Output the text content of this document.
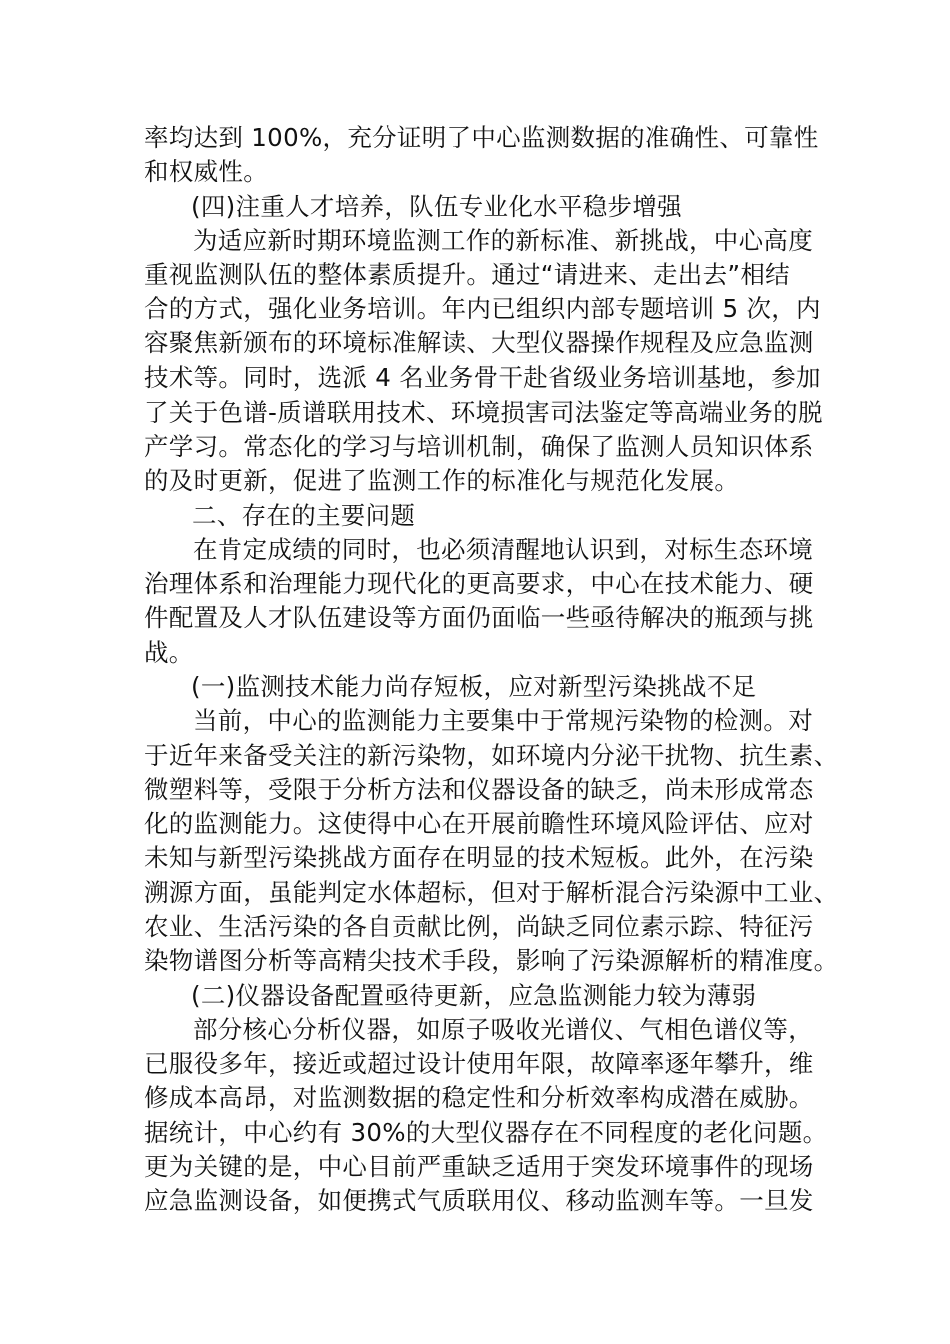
率均达到 100%，充分证明了中心监测数据的准确性、可靠性
和权威性。
(四)注重人才培养，队伍专业化水平稳步增强
为适应新时期环境监测工作的新标准、新挑战，中心高度
重视监测队伍的整体素质提升。通过“请进来、走出去”相结
合的方式，强化业务培训。年内已组织内部专题培训 5 次，内
容聚焦新颁布的环境标准解读、大型仪器操作规程及应急监测
技术等。同时，选派 4 名业务骨干赴省级业务培训基地，参加
了关于色谱-质谱联用技术、环境损害司法鉴定等高端业务的脱
产学习。常态化的学习与培训机制，确保了监测人员知识体系
的及时更新，促进了监测工作的标准化与规范化发展。
二、存在的主要问题
在肯定成绩的同时，也必须清醒地认识到，对标生态环境
治理体系和治理能力现代化的更高要求，中心在技术能力、硬
件配置及人才队伍建设等方面仍面临一些亟待解决的瓶颈与挑
战。
(一)监测技术能力尚存短板，应对新型污染挑战不足
当前，中心的监测能力主要集中于常规污染物的检测。对
于近年来备受关注的新污染物，如环境内分泌干扰物、抗生素、
微塑料等，受限于分析方法和仪器设备的缺乏，尚未形成常态
化的监测能力。这使得中心在开展前瞻性环境风险评估、应对
未知与新型污染挑战方面存在明显的技术短板。此外，在污染
溯源方面，虽能判定水体超标，但对于解析混合污染源中工业、
农业、生活污染的各自贡献比例，尚缺乏同位素示踪、特征污
染物谱图分析等高精尖技术手段，影响了污染源解析的精准度。
(二)仪器设备配置亟待更新，应急监测能力较为薄弱
部分核心分析仪器，如原子吸收光谱仪、气相色谱仪等，
已服役多年，接近或超过设计使用年限，故障率逐年攀升，维
修成本高昂，对监测数据的稳定性和分析效率构成潜在威胁。
据统计，中心约有 30%的大型仪器存在不同程度的老化问题。
更为关键的是，中心目前严重缺乏适用于突发环境事件的现场
应急监测设备，如便携式气质联用仪、移动监测车等。一旦发
